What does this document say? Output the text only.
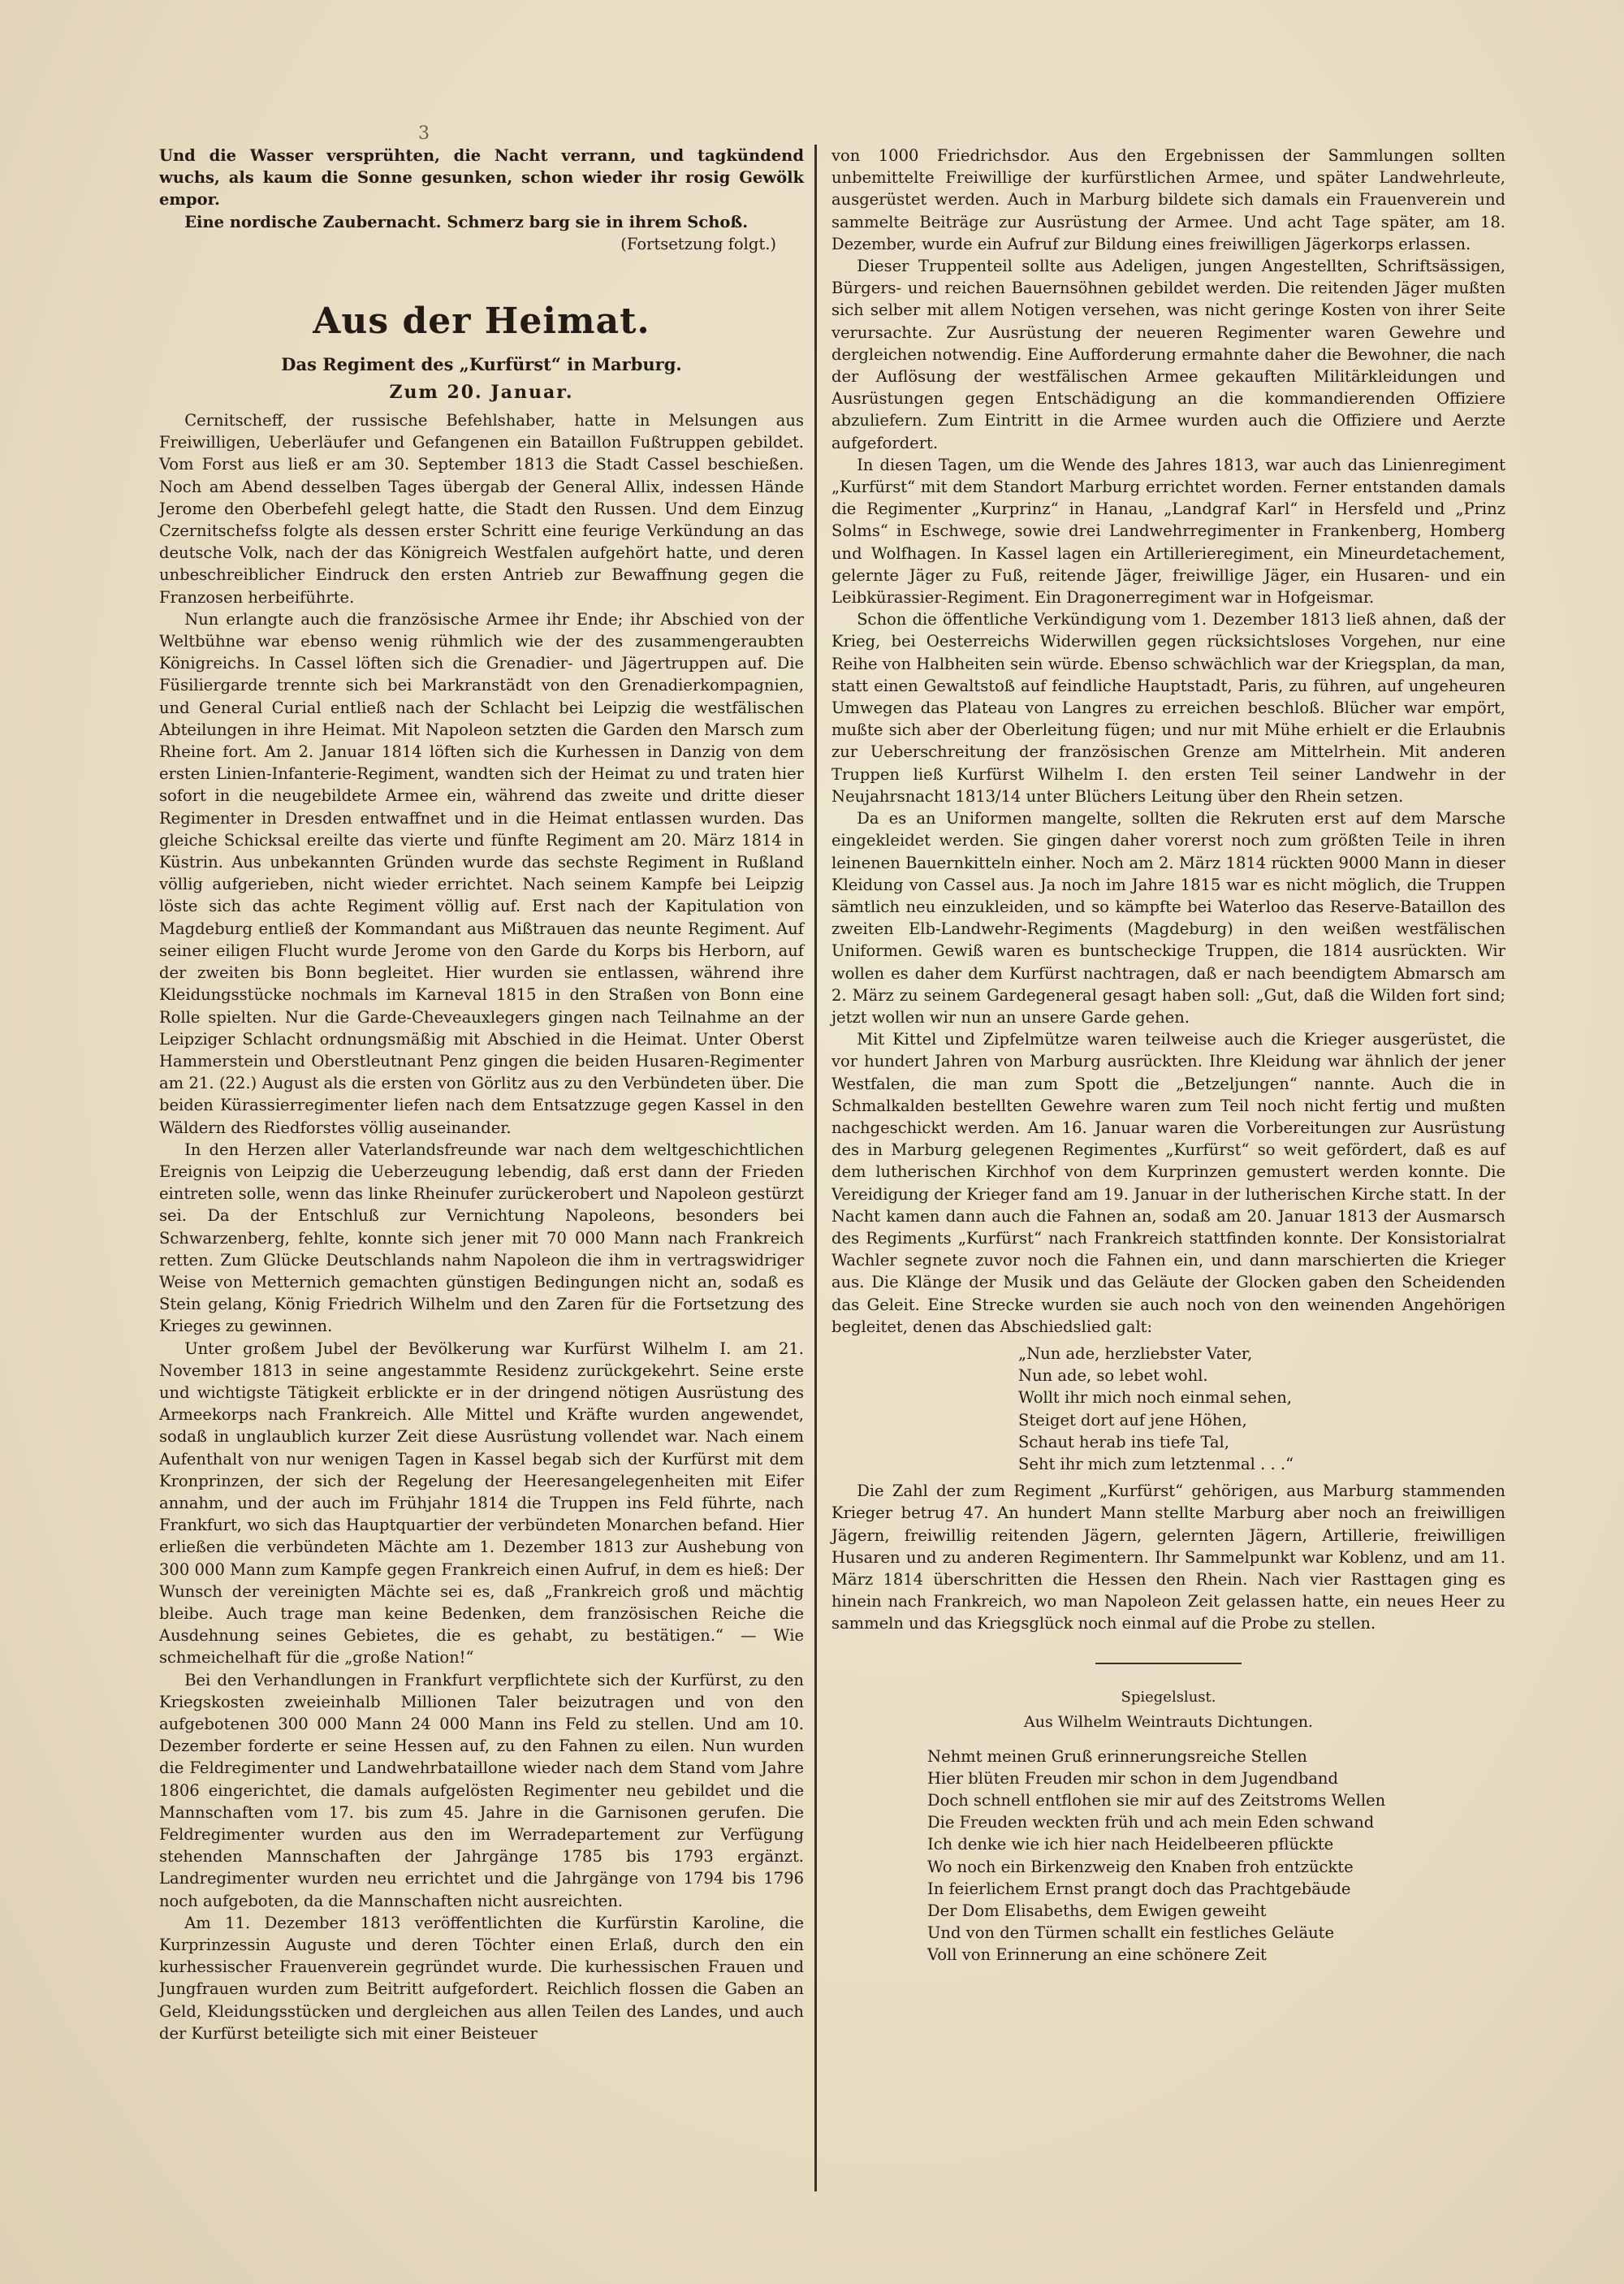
3

Und die Wasser versprühten, die Nacht verrann, und tagkündend wuchs, als kaum die Sonne gesunken, schon wieder ihr rosig Gewölk empor.

Eine nordische Zaubernacht. Schmerz barg sie in ihrem Schoß.

(Fortsetzung folgt.)
Aus der Heimat.
Das Regiment des „Kurfürst“ in Marburg.
Zum 20. Januar.

Cernitscheff, der russische Befehlshaber, hatte in Melsungen aus Freiwilligen, Ueberläufer und Gefangenen ein Bataillon Fußtruppen gebildet. Vom Forst aus ließ er am 30. September 1813 die Stadt Cassel beschießen. Noch am Abend desselben Tages übergab der General Allix, indessen Hände Jerome den Oberbefehl gelegt hatte, die Stadt den Russen. Und dem Einzug Czernitschefss folgte als dessen erster Schritt eine feurige Verkündung an das deutsche Volk, nach der das Königreich Westfalen aufgehört hatte, und deren unbeschreiblicher Eindruck den ersten Antrieb zur Bewaffnung gegen die Franzosen herbeiführte.

Nun erlangte auch die französische Armee ihr Ende; ihr Abschied von der Weltbühne war ebenso wenig rühmlich wie der des zusammengeraubten Königreichs. In Cassel löften sich die Grenadier- und Jägertruppen auf. Die Füsiliergarde trennte sich bei Markranstädt von den Grenadierkompagnien, und General Curial entließ nach der Schlacht bei Leipzig die westfälischen Abteilungen in ihre Heimat. Mit Napoleon setzten die Garden den Marsch zum Rheine fort. Am 2. Januar 1814 löften sich die Kurhessen in Danzig von dem ersten Linien-Infanterie-Regiment, wandten sich der Heimat zu und traten hier sofort in die neugebildete Armee ein, während das zweite und dritte dieser Regimenter in Dresden entwaffnet und in die Heimat entlassen wurden. Das gleiche Schicksal ereilte das vierte und fünfte Regiment am 20. März 1814 in Küstrin. Aus unbekannten Gründen wurde das sechste Regiment in Rußland völlig aufgerieben, nicht wieder errichtet. Nach seinem Kampfe bei Leipzig löste sich das achte Regiment völlig auf. Erst nach der Kapitulation von Magdeburg entließ der Kommandant aus Mißtrauen das neunte Regiment. Auf seiner eiligen Flucht wurde Jerome von den Garde du Korps bis Herborn, auf der zweiten bis Bonn begleitet. Hier wurden sie entlassen, während ihre Kleidungsstücke nochmals im Karneval 1815 in den Straßen von Bonn eine Rolle spielten. Nur die Garde-Cheveauxlegers gingen nach Teilnahme an der Leipziger Schlacht ordnungsmäßig mit Abschied in die Heimat. Unter Oberst Hammerstein und Oberstleutnant Penz gingen die beiden Husaren-Regimenter am 21. (22.) August als die ersten von Görlitz aus zu den Verbündeten über. Die beiden Kürassierregimenter liefen nach dem Entsatzzuge gegen Kassel in den Wäldern des Riedforstes völlig auseinander.

In den Herzen aller Vaterlandsfreunde war nach dem weltgeschichtlichen Ereignis von Leipzig die Ueberzeugung lebendig, daß erst dann der Frieden eintreten solle, wenn das linke Rheinufer zurückerobert und Napoleon gestürzt sei. Da der Entschluß zur Vernichtung Napoleons, besonders bei Schwarzenberg, fehlte, konnte sich jener mit 70 000 Mann nach Frankreich retten. Zum Glücke Deutschlands nahm Napoleon die ihm in vertragswidriger Weise von Metternich gemachten günstigen Bedingungen nicht an, sodaß es Stein gelang, König Friedrich Wilhelm und den Zaren für die Fortsetzung des Krieges zu gewinnen.

Unter großem Jubel der Bevölkerung war Kurfürst Wilhelm I. am 21. November 1813 in seine angestammte Residenz zurückgekehrt. Seine erste und wichtigste Tätigkeit erblickte er in der dringend nötigen Ausrüstung des Armeekorps nach Frankreich. Alle Mittel und Kräfte wurden angewendet, sodaß in unglaublich kurzer Zeit diese Ausrüstung vollendet war. Nach einem Aufenthalt von nur wenigen Tagen in Kassel begab sich der Kurfürst mit dem Kronprinzen, der sich der Regelung der Heeresangelegenheiten mit Eifer annahm, und der auch im Frühjahr 1814 die Truppen ins Feld führte, nach Frankfurt, wo sich das Hauptquartier der verbündeten Monarchen befand. Hier erließen die verbündeten Mächte am 1. Dezember 1813 zur Aushebung von 300 000 Mann zum Kampfe gegen Frankreich einen Aufruf, in dem es hieß: Der Wunsch der vereinigten Mächte sei es, daß „Frankreich groß und mächtig bleibe. Auch trage man keine Bedenken, dem französischen Reiche die Ausdehnung seines Gebietes, die es gehabt, zu bestätigen.“ — Wie schmeichelhaft für die „große Nation!“

Bei den Verhandlungen in Frankfurt verpflichtete sich der Kurfürst, zu den Kriegskosten zweieinhalb Millionen Taler beizutragen und von den aufgebotenen 300 000 Mann 24 000 Mann ins Feld zu stellen. Und am 10. Dezember forderte er seine Hessen auf, zu den Fahnen zu eilen. Nun wurden die Feldregimenter und Landwehrbataillone wieder nach dem Stand vom Jahre 1806 eingerichtet, die damals aufgelösten Regimenter neu gebildet und die Mannschaften vom 17. bis zum 45. Jahre in die Garnisonen gerufen. Die Feldregimenter wurden aus den im Werradepartement zur Verfügung stehenden Mannschaften der Jahrgänge 1785 bis 1793 ergänzt. Landregimenter wurden neu errichtet und die Jahrgänge von 1794 bis 1796 noch aufgeboten, da die Mannschaften nicht ausreichten.

Am 11. Dezember 1813 veröffentlichten die Kurfürstin Karoline, die Kurprinzessin Auguste und deren Töchter einen Erlaß, durch den ein kurhessischer Frauenverein gegründet wurde. Die kurhessischen Frauen und Jungfrauen wurden zum Beitritt aufgefordert. Reichlich flossen die Gaben an Geld, Kleidungsstücken und dergleichen aus allen Teilen des Landes, und auch der Kurfürst beteiligte sich mit einer Beisteuer

von 1000 Friedrichsdor. Aus den Ergebnissen der Sammlungen sollten unbemittelte Freiwillige der kurfürstlichen Armee, und später Landwehrleute, ausgerüstet werden. Auch in Marburg bildete sich damals ein Frauenverein und sammelte Beiträge zur Ausrüstung der Armee. Und acht Tage später, am 18. Dezember, wurde ein Aufruf zur Bildung eines freiwilligen Jägerkorps erlassen.

Dieser Truppenteil sollte aus Adeligen, jungen Angestellten, Schriftsässigen, Bürgers- und reichen Bauernsöhnen gebildet werden. Die reitenden Jäger mußten sich selber mit allem Notigen versehen, was nicht geringe Kosten von ihrer Seite verursachte. Zur Ausrüstung der neueren Regimenter waren Gewehre und dergleichen notwendig. Eine Aufforderung ermahnte daher die Bewohner, die nach der Auflösung der westfälischen Armee gekauften Militärkleidungen und Ausrüstungen gegen Entschädigung an die kommandierenden Offiziere abzuliefern. Zum Eintritt in die Armee wurden auch die Offiziere und Aerzte aufgefordert.

In diesen Tagen, um die Wende des Jahres 1813, war auch das Linienregiment „Kurfürst“ mit dem Standort Marburg errichtet worden. Ferner entstanden damals die Regimenter „Kurprinz“ in Hanau, „Landgraf Karl“ in Hersfeld und „Prinz Solms“ in Eschwege, sowie drei Landwehrregimenter in Frankenberg, Homberg und Wolfhagen. In Kassel lagen ein Artillerieregiment, ein Mineurdetachement, gelernte Jäger zu Fuß, reitende Jäger, freiwillige Jäger, ein Husaren- und ein Leibkürassier-Regiment. Ein Dragonerregiment war in Hofgeismar.

Schon die öffentliche Verkündigung vom 1. Dezember 1813 ließ ahnen, daß der Krieg, bei Oesterreichs Widerwillen gegen rücksichtsloses Vorgehen, nur eine Reihe von Halbheiten sein würde. Ebenso schwächlich war der Kriegsplan, da man, statt einen Gewaltstoß auf feindliche Hauptstadt, Paris, zu führen, auf ungeheuren Umwegen das Plateau von Langres zu erreichen beschloß. Blücher war empört, mußte sich aber der Oberleitung fügen; und nur mit Mühe erhielt er die Erlaubnis zur Ueberschreitung der französischen Grenze am Mittelrhein. Mit anderen Truppen ließ Kurfürst Wilhelm I. den ersten Teil seiner Landwehr in der Neujahrsnacht 1813/14 unter Blüchers Leitung über den Rhein setzen.

Da es an Uniformen mangelte, sollten die Rekruten erst auf dem Marsche eingekleidet werden. Sie gingen daher vorerst noch zum größten Teile in ihren leinenen Bauernkitteln einher. Noch am 2. März 1814 rückten 9000 Mann in dieser Kleidung von Cassel aus. Ja noch im Jahre 1815 war es nicht möglich, die Truppen sämtlich neu einzukleiden, und so kämpfte bei Waterloo das Reserve-Bataillon des zweiten Elb-Landwehr-Regiments (Magdeburg) in den weißen westfälischen Uniformen. Gewiß waren es buntscheckige Truppen, die 1814 ausrückten. Wir wollen es daher dem Kurfürst nachtragen, daß er nach beendigtem Abmarsch am 2. März zu seinem Gardegeneral gesagt haben soll: „Gut, daß die Wilden fort sind; jetzt wollen wir nun an unsere Garde gehen.

Mit Kittel und Zipfelmütze waren teilweise auch die Krieger ausgerüstet, die vor hundert Jahren von Marburg ausrückten. Ihre Kleidung war ähnlich der jener Westfalen, die man zum Spott die „Betzeljungen“ nannte. Auch die in Schmalkalden bestellten Gewehre waren zum Teil noch nicht fertig und mußten nachgeschickt werden. Am 16. Januar waren die Vorbereitungen zur Ausrüstung des in Marburg gelegenen Regimentes „Kurfürst“ so weit gefördert, daß es auf dem lutherischen Kirchhof von dem Kurprinzen gemustert werden konnte. Die Vereidigung der Krieger fand am 19. Januar in der lutherischen Kirche statt. In der Nacht kamen dann auch die Fahnen an, sodaß am 20. Januar 1813 der Ausmarsch des Regiments „Kurfürst“ nach Frankreich stattfinden konnte. Der Konsistorialrat Wachler segnete zuvor noch die Fahnen ein, und dann marschierten die Krieger aus. Die Klänge der Musik und das Geläute der Glocken gaben den Scheidenden das Geleit. Eine Strecke wurden sie auch noch von den weinenden Angehörigen begleitet, denen das Abschiedslied galt:

„Nun ade, herzliebster Vater,
Nun ade, so lebet wohl.
Wollt ihr mich noch einmal sehen,
Steiget dort auf jene Höhen,
Schaut herab ins tiefe Tal,
Seht ihr mich zum letztenmal . . .“

Die Zahl der zum Regiment „Kurfürst“ gehörigen, aus Marburg stammenden Krieger betrug 47. An hundert Mann stellte Marburg aber noch an freiwilligen Jägern, freiwillig reitenden Jägern, gelernten Jägern, Artillerie, freiwilligen Husaren und zu anderen Regimentern. Ihr Sammelpunkt war Koblenz, und am 11. März 1814 überschritten die Hessen den Rhein. Nach vier Rasttagen ging es hinein nach Frankreich, wo man Napoleon Zeit gelassen hatte, ein neues Heer zu sammeln und das Kriegsglück noch einmal auf die Probe zu stellen.

Spiegelslust.
Aus Wilhelm Weintrauts Dichtungen.
Nehmt meinen Gruß erinnerungsreiche Stellen
Hier blüten Freuden mir schon in dem Jugendband
Doch schnell entflohen sie mir auf des Zeitstroms Wellen
Die Freuden weckten früh und ach mein Eden schwand
Ich denke wie ich hier nach Heidelbeeren pflückte
Wo noch ein Birkenzweig den Knaben froh entzückte
In feierlichem Ernst prangt doch das Prachtgebäude
Der Dom Elisabeths, dem Ewigen geweiht
Und von den Türmen schallt ein festliches Geläute
Voll von Erinnerung an eine schönere Zeit
